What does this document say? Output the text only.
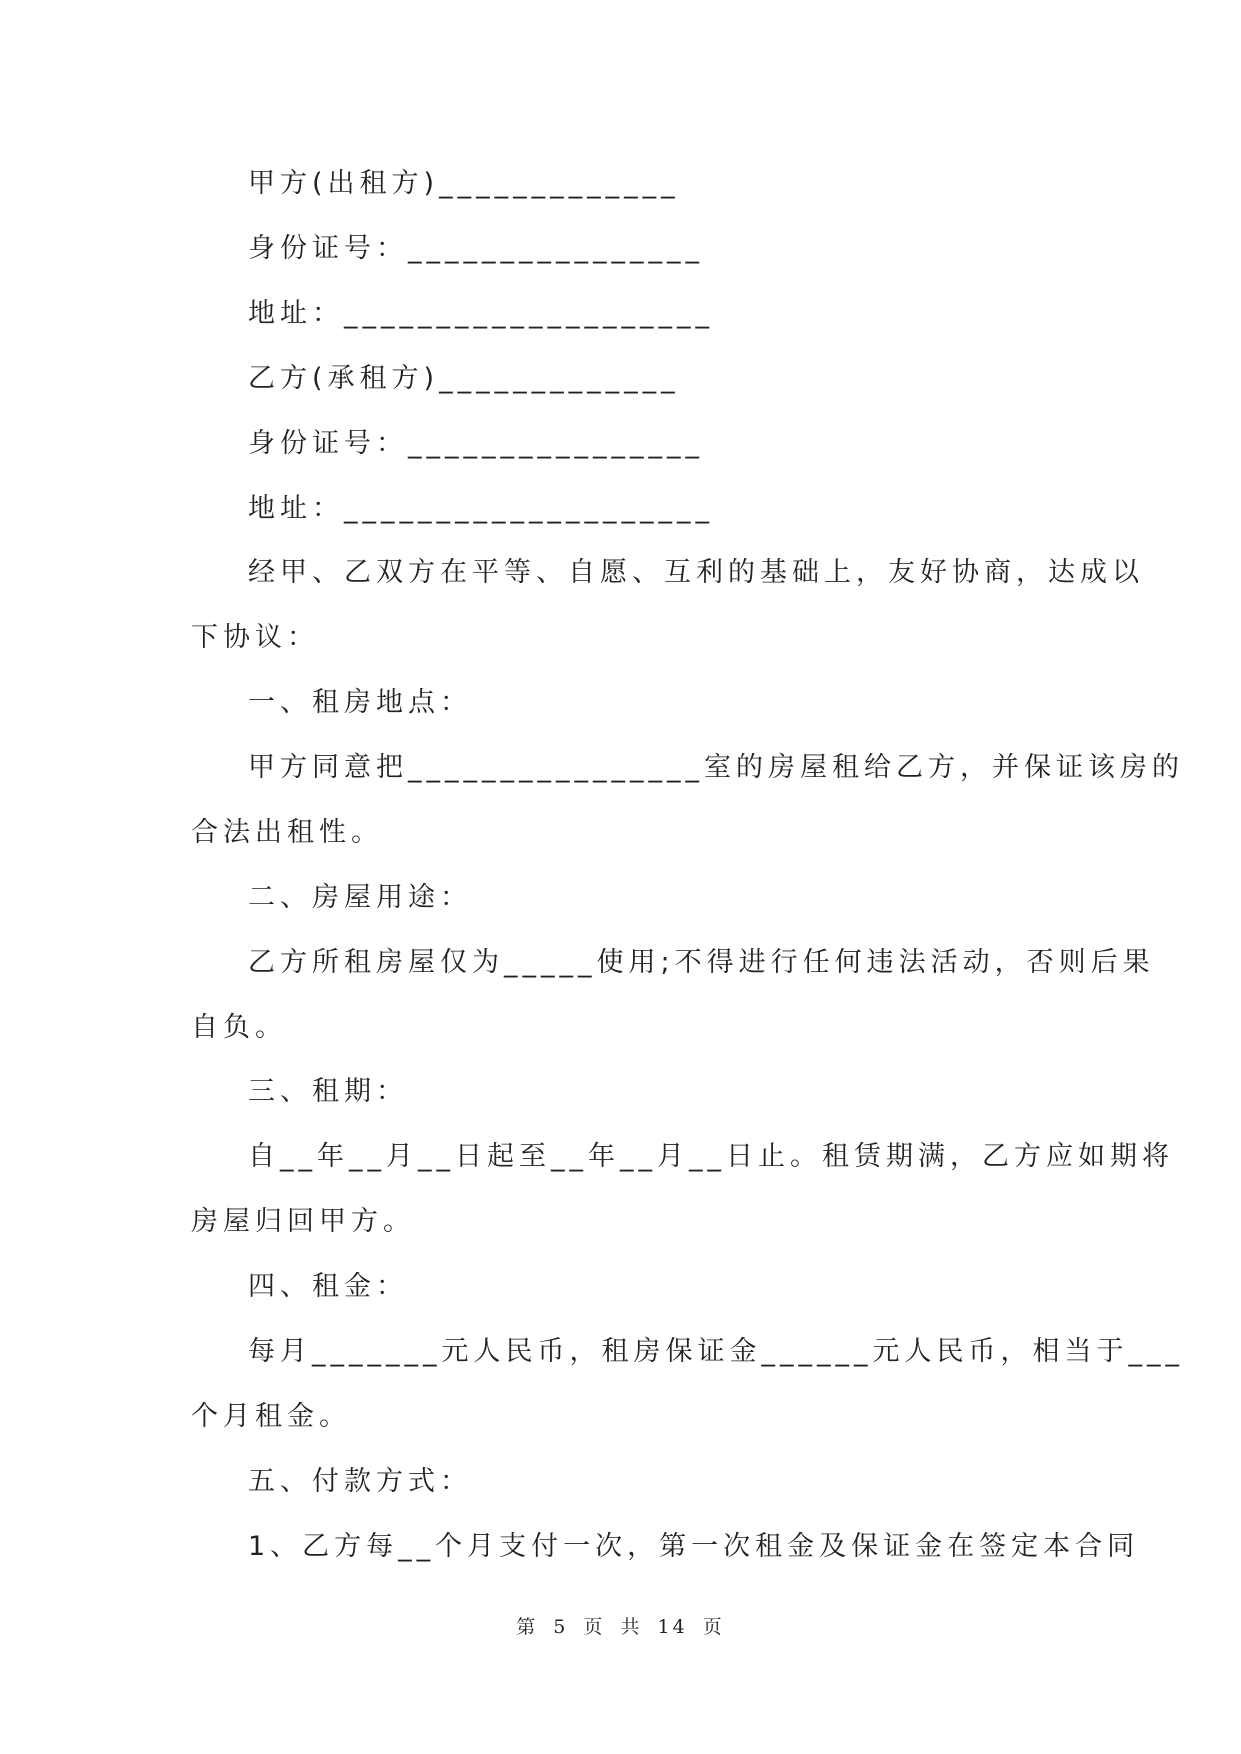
甲方(出租方)_____________
身份证号：________________
地址：____________________
乙方(承租方)_____________
身份证号：________________
地址：____________________
经甲、乙双方在平等、自愿、互利的基础上，友好协商，达成以
下协议：
一、租房地点：
甲方同意把________________室的房屋租给乙方，并保证该房的
合法出租性。
二、房屋用途：
乙方所租房屋仅为_____使用;不得进行任何违法活动，否则后果
自负。
三、租期：
自__年__月__日起至__年__月__日止。租赁期满，乙方应如期将
房屋归回甲方。
四、租金：
每月_______元人民币，租房保证金______元人民币，相当于___
个月租金。
五、付款方式：
1、乙方每__个月支付一次，第一次租金及保证金在签定本合同
第 5 页 共 14 页
